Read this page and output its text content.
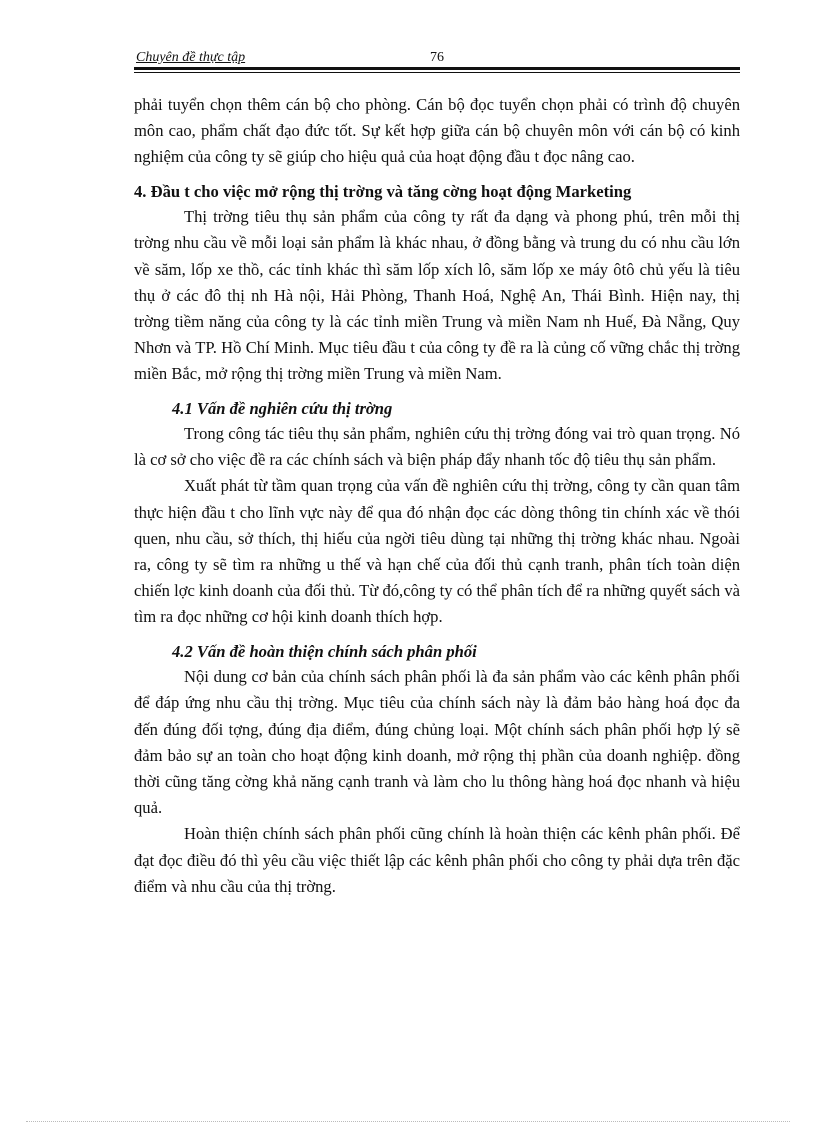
Chuyên đề thực tập	76

phải tuyển chọn thêm cán bộ cho phòng. Cán bộ đọc tuyển chọn phải có trình độ chuyên môn cao, phẩm chất đạo đức tốt. Sự kết hợp giữa cán bộ chuyên môn với cán bộ có kinh nghiệm của công ty sẽ giúp cho hiệu quả của hoạt động đầu t đọc nâng cao.

4. Đầu t cho việc mở rộng thị trờng và tăng cờng hoạt động Marketing

Thị trờng tiêu thụ sản phẩm của công ty rất đa dạng và phong phú, trên mỗi thị trờng nhu cầu về mỗi loại sản phẩm là khác nhau, ở đồng bằng và trung du có nhu cầu lớn về săm, lốp xe thồ, các tỉnh khác thì săm lốp xích lô, săm lốp xe máy ôtô chủ yếu là tiêu thụ ở các đô thị nh Hà nội, Hải Phòng, Thanh Hoá, Nghệ An, Thái Bình. Hiện nay, thị trờng tiềm năng của công ty là các tỉnh miền Trung và miền Nam nh Huế, Đà Nẵng, Quy Nhơn và TP. Hồ Chí Minh. Mục tiêu đầu t của công ty đề ra là củng cố vững chắc thị trờng miền Bắc, mở rộng thị trờng miền Trung và miền Nam.

4.1 Vấn đề nghiên cứu thị trờng

Trong công tác tiêu thụ sản phẩm, nghiên cứu thị trờng đóng vai trò quan trọng. Nó là cơ sở cho việc đề ra các chính sách và biện pháp đẩy nhanh tốc độ tiêu thụ sản phẩm.

Xuất phát từ tầm quan trọng của vấn đề nghiên cứu thị trờng, công ty cần quan tâm thực hiện đầu t cho lĩnh vực này để qua đó nhận đọc các dòng thông tin chính xác về thói quen, nhu cầu, sở thích, thị hiếu của ngời tiêu dùng tại những thị trờng khác nhau. Ngoài ra, công ty sẽ tìm ra những u thế và hạn chế của đối thủ cạnh tranh, phân tích toàn diện chiến lợc kinh doanh của đối thủ. Từ đó,công ty có thể phân tích để ra những quyết sách và tìm ra đọc những cơ hội kinh doanh thích hợp.

4.2 Vấn đề hoàn thiện chính sách phân phối

Nội dung cơ bản của chính sách phân phối là đa sản phẩm vào các kênh phân phối để đáp ứng nhu cầu thị trờng. Mục tiêu của chính sách này là đảm bảo hàng hoá đọc đa đến đúng đối tợng, đúng địa điểm, đúng chủng loại. Một chính sách phân phối hợp lý sẽ đảm bảo sự an toàn cho hoạt động kinh doanh, mở rộng thị phần của doanh nghiệp. đồng thời cũng tăng cờng khả năng cạnh tranh và làm cho lu thông hàng hoá đọc nhanh và hiệu quả.

Hoàn thiện chính sách phân phối cũng chính là hoàn thiện các kênh phân phối. Để đạt đọc điều đó thì yêu cầu việc thiết lập các kênh phân phối cho công ty phải dựa trên đặc điểm và nhu cầu của thị trờng.
